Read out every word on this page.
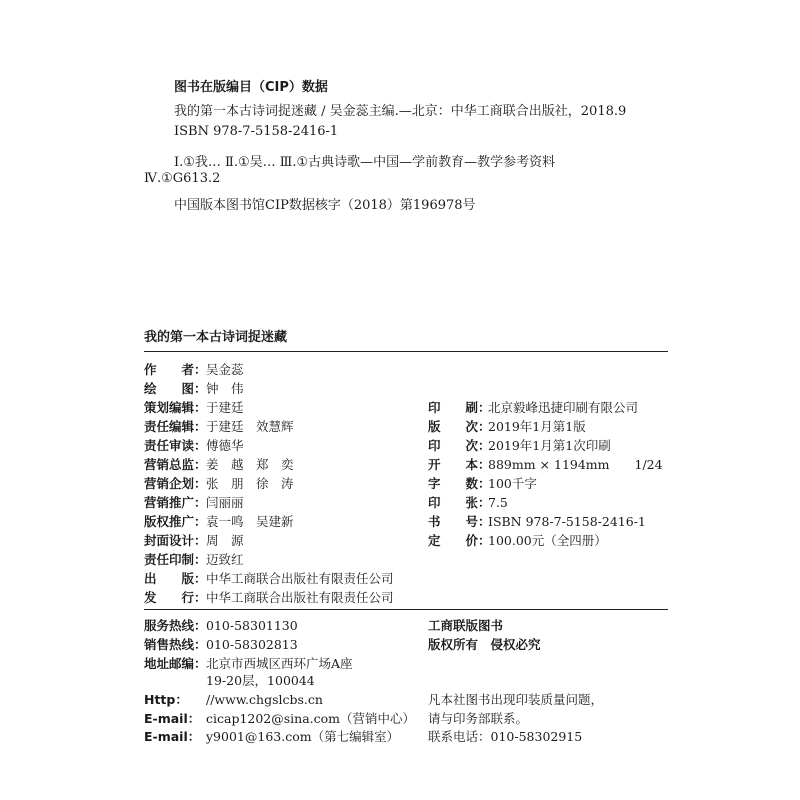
图书在版编目（CIP）数据
我的第一本古诗词捉迷藏 / 吴金蕊主编.—北京：中华工商联合出版社，2018.9
ISBN 978-7-5158-2416-1
Ⅰ.①我… Ⅱ.①吴… Ⅲ.①古典诗歌—中国—学前教育—教学参考资料
Ⅳ.①G613.2
中国版本图书馆CIP数据核字（2018）第196978号
我的第一本古诗词捉迷藏
作　　者：吴金蕊
绘　　图：钟　伟
策划编辑：于建廷
责任编辑：于建廷　效慧辉
责任审读：傅德华
营销总监：姜　越　郑　奕
营销企划：张　朋　徐　涛
营销推广：闫丽丽
版权推广：袁一鸣　吴建新
封面设计：周　源
责任印制：迈致红
出　　版：中华工商联合出版社有限责任公司
发　　行：中华工商联合出版社有限责任公司
印　　刷：北京毅峰迅捷印刷有限公司
版　　次：2019年1月第1版
印　　次：2019年1月第1次印刷
开　　本：889mm × 1194mm　　1/24
字　　数：100千字
印　　张：7.5
书　　号：ISBN 978-7-5158-2416-1
定　　价：100.00元（全四册）
服务热线：010-58301130
销售热线：010-58302813
地址邮编：北京市西城区西环广场A座
19-20层，100044
Http： //www.chgslcbs.cn
E-mail： cicap1202@sina.com（营销中心）
E-mail： y9001@163.com（第七编辑室）
工商联版图书
版权所有　侵权必究
凡本社图书出现印装质量问题，
请与印务部联系。
联系电话：010-58302915
